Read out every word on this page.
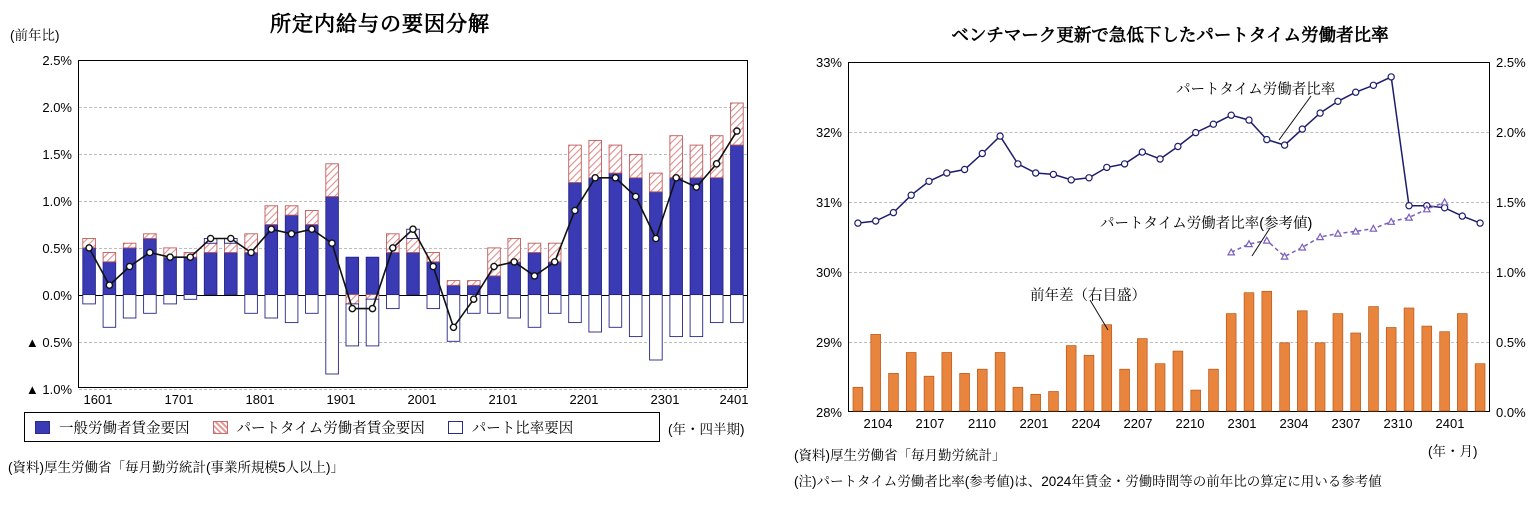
所定内給与の要因分解
(前年比)
2.5%
2.0%
1.5%
1.0%
0.5%
0.0%
▲ 0.5%
▲ 1.0%
1601	1701	1801	1901	2001	2101	2201	2301	2401
一般労働者賃金要因	パートタイム労働者賃金要因	パート比率要因	(年・四半期)
(資料)厚生労働省「毎月勤労統計(事業所規模5人以上)」
ベンチマーク更新で急低下したパートタイム労働者比率
33%
32%
31%
30%
29%
28%
2.5%
2.0%
1.5%
1.0%
0.5%
0.0%
パートタイム労働者比率
パートタイム労働者比率(参考値)
前年差（右目盛）
2104	2107	2110	2201	2204	2207	2210	2301	2304	2307	2310	2401
(年・月)
(資料)厚生労働省「毎月勤労統計」
(注)パートタイム労働者比率(参考値)は、2024年賃金・労働時間等の前年比の算定に用いる参考値
